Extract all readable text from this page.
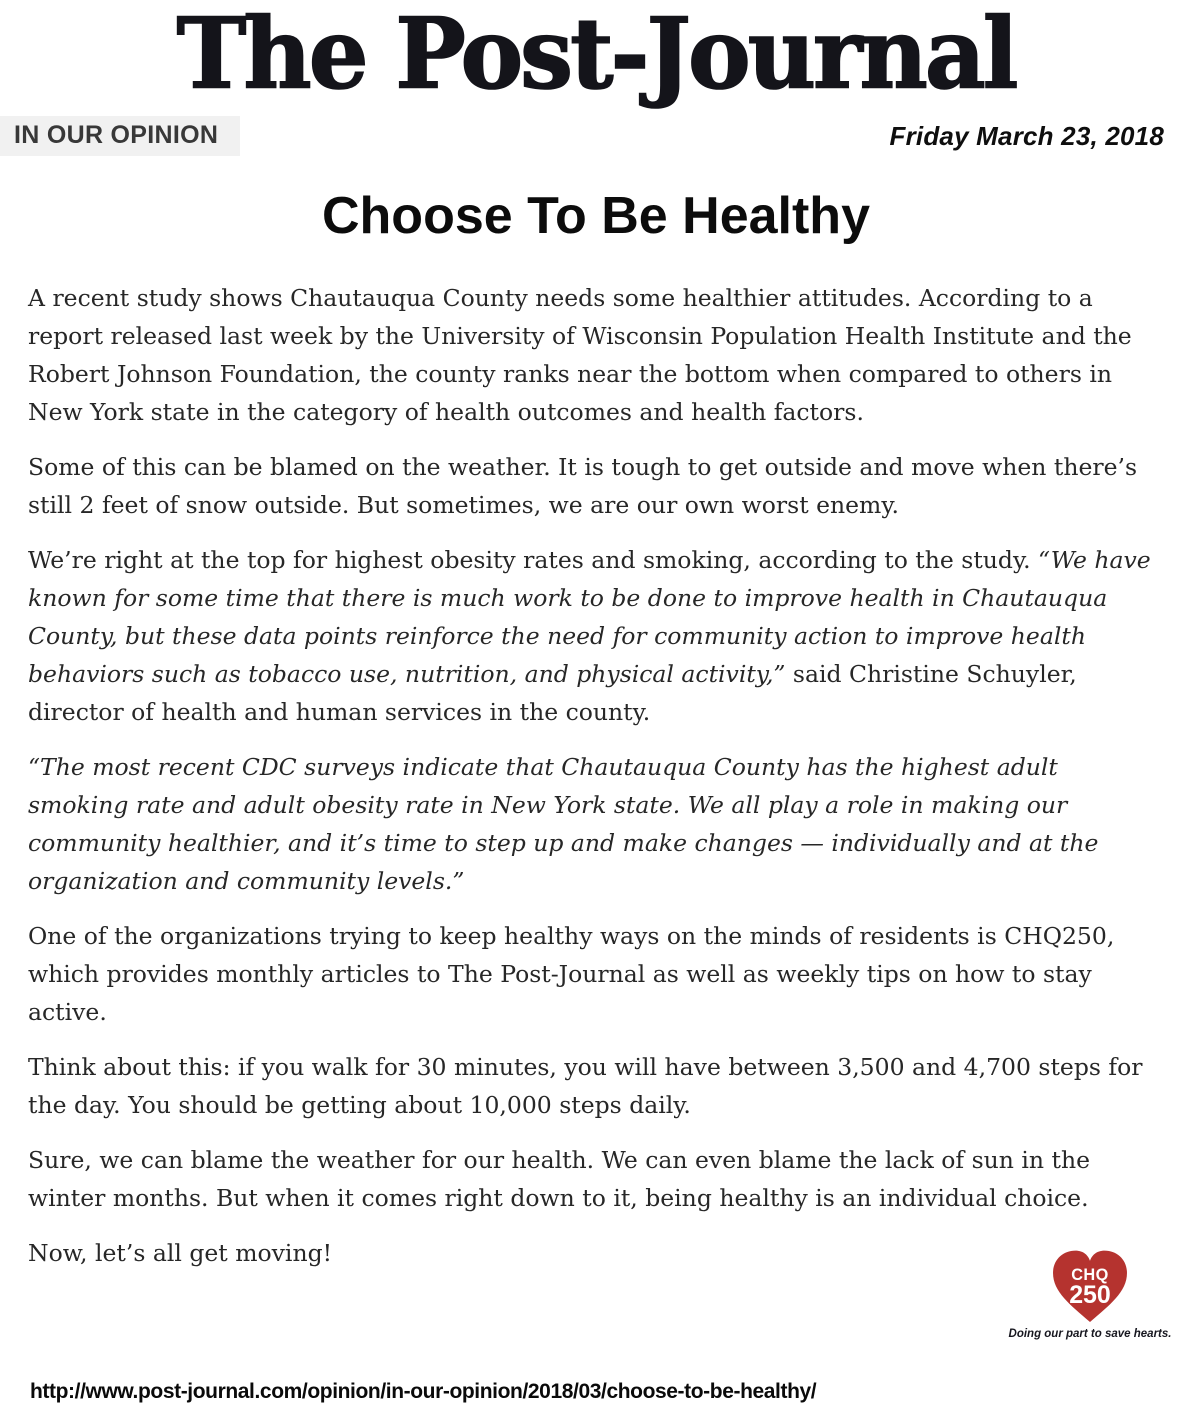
The Post-Journal
IN OUR OPINION	Friday March 23, 2018
Choose To Be Healthy

A recent study shows Chautauqua County needs some healthier attitudes. According to a report released last week by the University of Wisconsin Population Health Institute and the Robert Johnson Foundation, the county ranks near the bottom when compared to others in New York state in the category of health outcomes and health factors.

Some of this can be blamed on the weather. It is tough to get outside and move when there’s still 2 feet of snow outside. But sometimes, we are our own worst enemy.

We’re right at the top for highest obesity rates and smoking, according to the study. “We have known for some time that there is much work to be done to improve health in Chautauqua County, but these data points reinforce the need for community action to improve health behaviors such as tobacco use, nutrition, and physical activity,” said Christine Schuyler, director of health and human services in the county.

“The most recent CDC surveys indicate that Chautauqua County has the highest adult smoking rate and adult obesity rate in New York state. We all play a role in making our community healthier, and it’s time to step up and make changes — individually and at the organization and community levels.”

One of the organizations trying to keep healthy ways on the minds of residents is CHQ250, which provides monthly articles to The Post-Journal as well as weekly tips on how to stay active.

Think about this: if you walk for 30 minutes, you will have between 3,500 and 4,700 steps for the day. You should be getting about 10,000 steps daily.

Sure, we can blame the weather for our health. We can even blame the lack of sun in the winter months. But when it comes right down to it, being healthy is an individual choice.

Now, let’s all get moving!

CHQ
250
Doing our part to save hearts.
http://www.post-journal.com/opinion/in-our-opinion/2018/03/choose-to-be-healthy/
